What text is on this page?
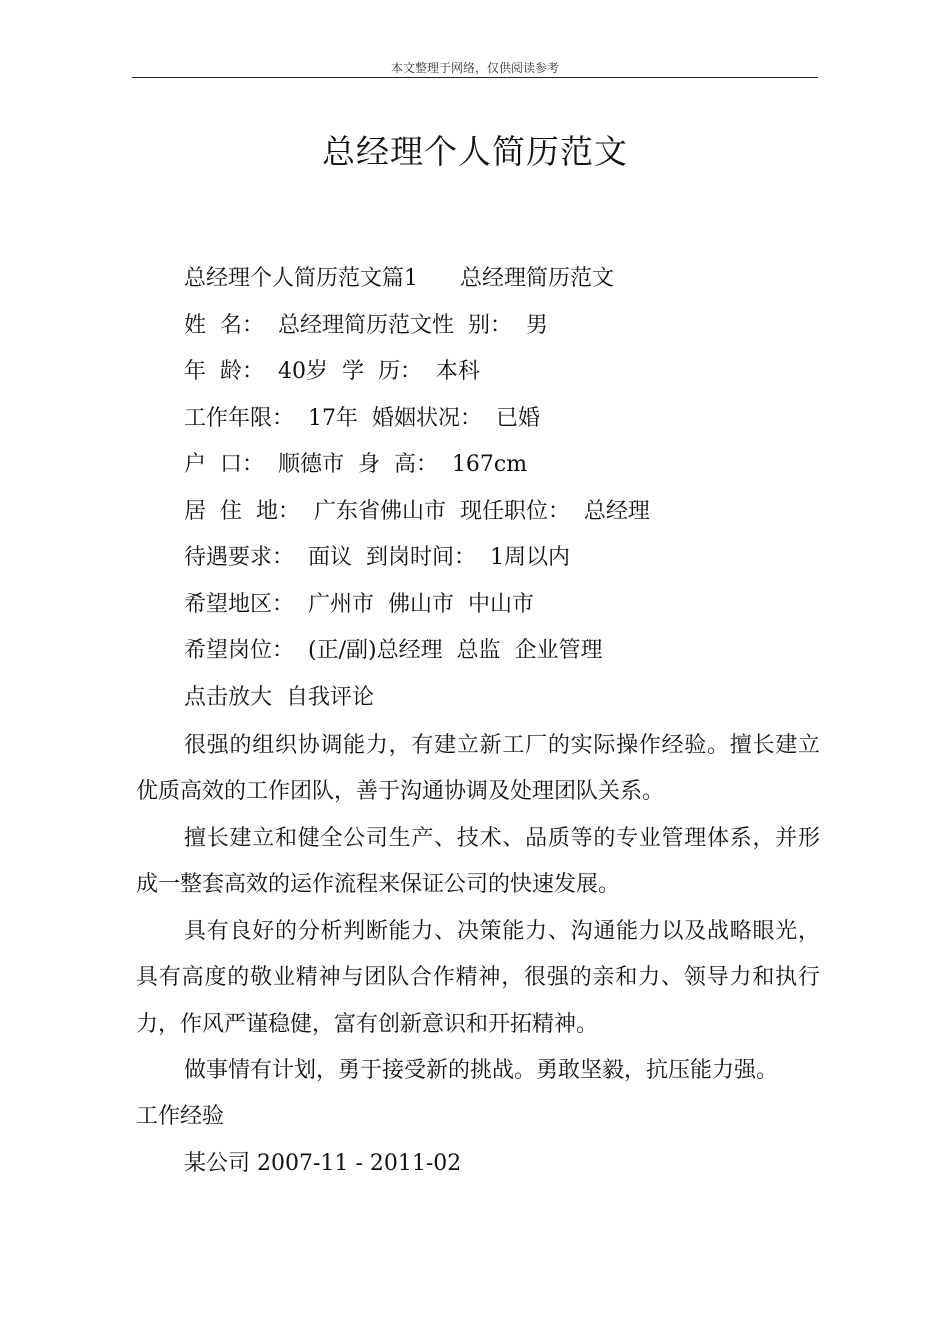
本文整理于网络，仅供阅读参考
总经理个人简历范文
总经理个人简历范文篇1      总经理简历范文
姓  名：  总经理简历范文性  别：  男
年  龄：  40岁  学  历：  本科
工作年限：  17年  婚姻状况：  已婚
户  口：  顺德市  身  高：  167cm
居  住  地：  广东省佛山市  现任职位：  总经理
待遇要求：  面议  到岗时间：  1周以内
希望地区：  广州市  佛山市  中山市
希望岗位：  (正/副)总经理  总监  企业管理
点击放大  自我评论
很强的组织协调能力，有建立新工厂的实际操作经验。擅长建立优质高效的工作团队，善于沟通协调及处理团队关系。
擅长建立和健全公司生产、技术、品质等的专业管理体系，并形成一整套高效的运作流程来保证公司的快速发展。
具有良好的分析判断能力、决策能力、沟通能力以及战略眼光，具有高度的敬业精神与团队合作精神，很强的亲和力、领导力和执行力，作风严谨稳健，富有创新意识和开拓精神。
做事情有计划，勇于接受新的挑战。勇敢坚毅，抗压能力强。
工作经验
某公司 2007-11 - 2011-02
